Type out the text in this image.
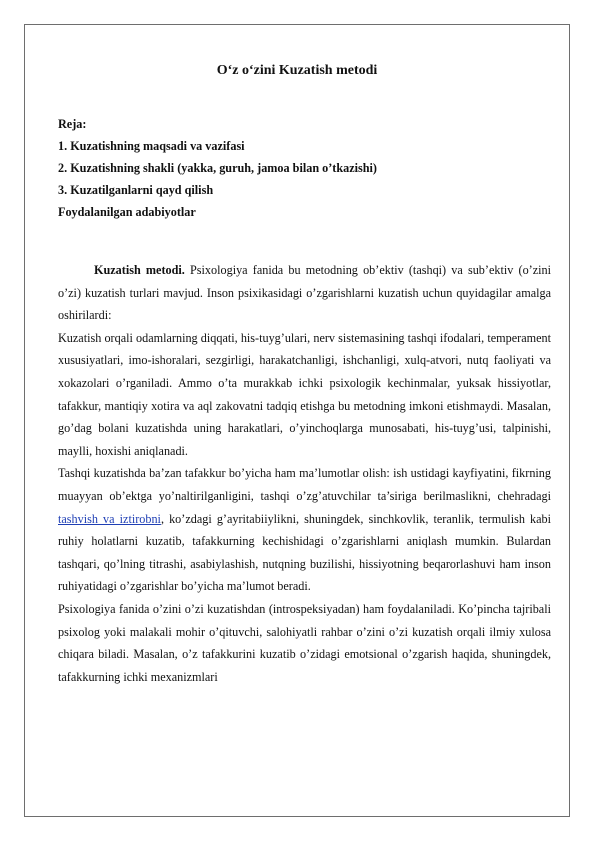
O‘z o‘zini Kuzatish metodi
Reja:
1. Kuzatishning maqsadi va vazifasi
2. Kuzatishning shakli (yakka, guruh, jamoa bilan o’tkazishi)
3. Kuzatilganlarni qayd qilish
Foydalanilgan adabiyotlar

Kuzatish metodi. Psixologiya fanida bu metodning ob’ektiv (tashqi) va sub’ektiv (o’zini o’zi) kuzatish turlari mavjud. Inson psixikasidagi o’zgarishlarni kuzatish uchun quyidagilar amalga oshirilardi:

Kuzatish orqali odamlarning diqqati, his-tuyg’ulari, nerv sistemasining tashqi ifodalari, temperament xususiyatlari, imo-ishoralari, sezgirligi, harakatchanligi, ishchanligi, xulq-atvori, nutq faoliyati va xokazolari o’rganiladi. Ammo o’ta murakkab ichki psixologik kechinmalar, yuksak hissiyotlar, tafakkur, mantiqiy xotira va aql zakovatni tadqiq etishga bu metodning imkoni etishmaydi. Masalan, go’dag bolani kuzatishda uning harakatlari, o’yinchoqlarga munosabati, his-tuyg’usi, talpinishi, maylli, hoxishi aniqlanadi.

Tashqi kuzatishda ba’zan tafakkur bo’yicha ham ma’lumotlar olish: ish ustidagi kayfiyatini, fikrning muayyan ob’ektga yo’naltirilganligini, tashqi o’zg’atuvchilar ta’siriga berilmaslikni, chehradagi tashvish va iztirobni, ko’zdagi g’ayritabiiylikni, shuningdek, sinchkovlik, teranlik, termulish kabi ruhiy holatlarni kuzatib, tafakkurning kechishidagi o’zgarishlarni aniqlash mumkin. Bulardan tashqari, qo’lning titrashi, asabiylashish, nutqning buzilishi, hissiyotning beqarorlashuvi ham inson ruhiyatidagi o’zgarishlar bo’yicha ma’lumot beradi.

Psixologiya fanida o’zini o’zi kuzatishdan (introspeksiyadan) ham foydalaniladi. Ko’pincha tajribali psixolog yoki malakali mohir o’qituvchi, salohiyatli rahbar o’zini o’zi kuzatish orqali ilmiy xulosa chiqara biladi. Masalan, o’z tafakkurini kuzatib o’zidagi emotsional o’zgarish haqida, shuningdek, tafakkurning ichki mexanizmlari
